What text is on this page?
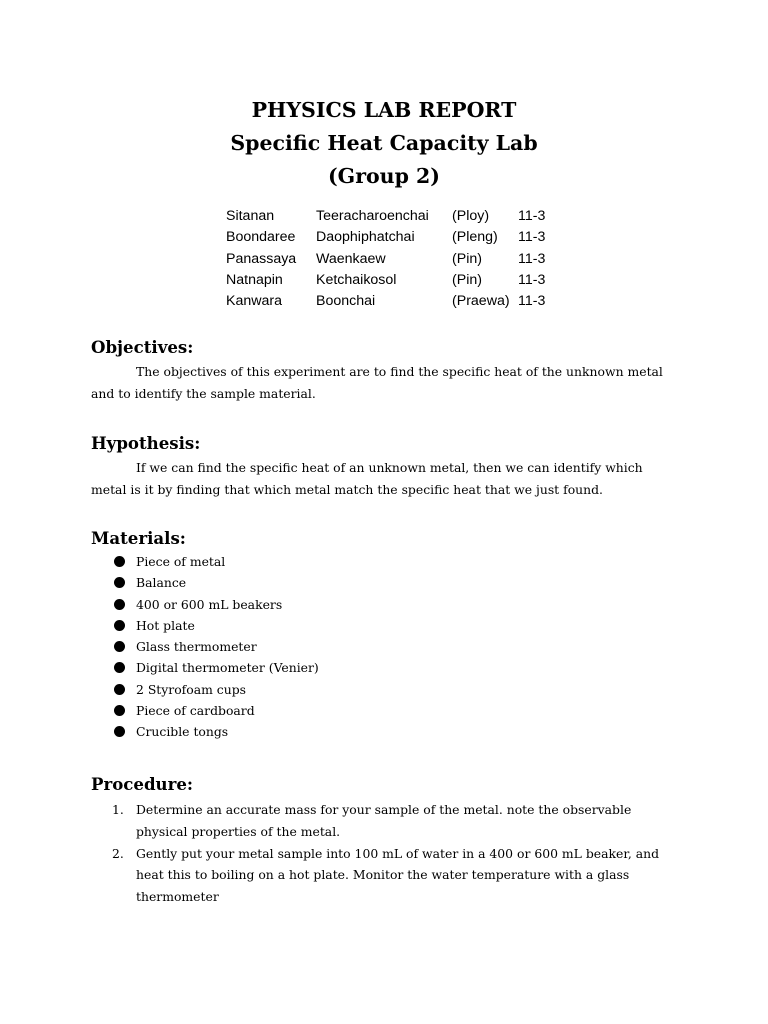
PHYSICS LAB REPORT
Specific Heat Capacity Lab
(Group 2)
Sitanan	Teeracharoenchai (Ploy) 11-3
Boondaree Daophiphatchai	(Pleng) 11-3
Panassaya Waenkaew	(Pin)	11-3
Natnapin Ketchaikosol	(Pin)	11-3
Kanwara Boonchai	(Praewa) 11-3
Objectives:
The objectives of this experiment are to find the specific heat of the unknown metal
and to identify the sample material.
Hypothesis:
If we can find the specific heat of an unknown metal, then we can identify which
metal is it by finding that which metal match the specific heat that we just found.
Materials:
Piece of metal
Balance
400 or 600 mL beakers
Hot plate
Glass thermometer
Digital thermometer (Venier)
2 Styrofoam cups
Piece of cardboard
Crucible tongs
Procedure:
1. Determine an accurate mass for your sample of the metal. note the observable
physical properties of the metal.
2. Gently put your metal sample into 100 mL of water in a 400 or 600 mL beaker, and
heat this to boiling on a hot plate. Monitor the water temperature with a glass
thermometer
